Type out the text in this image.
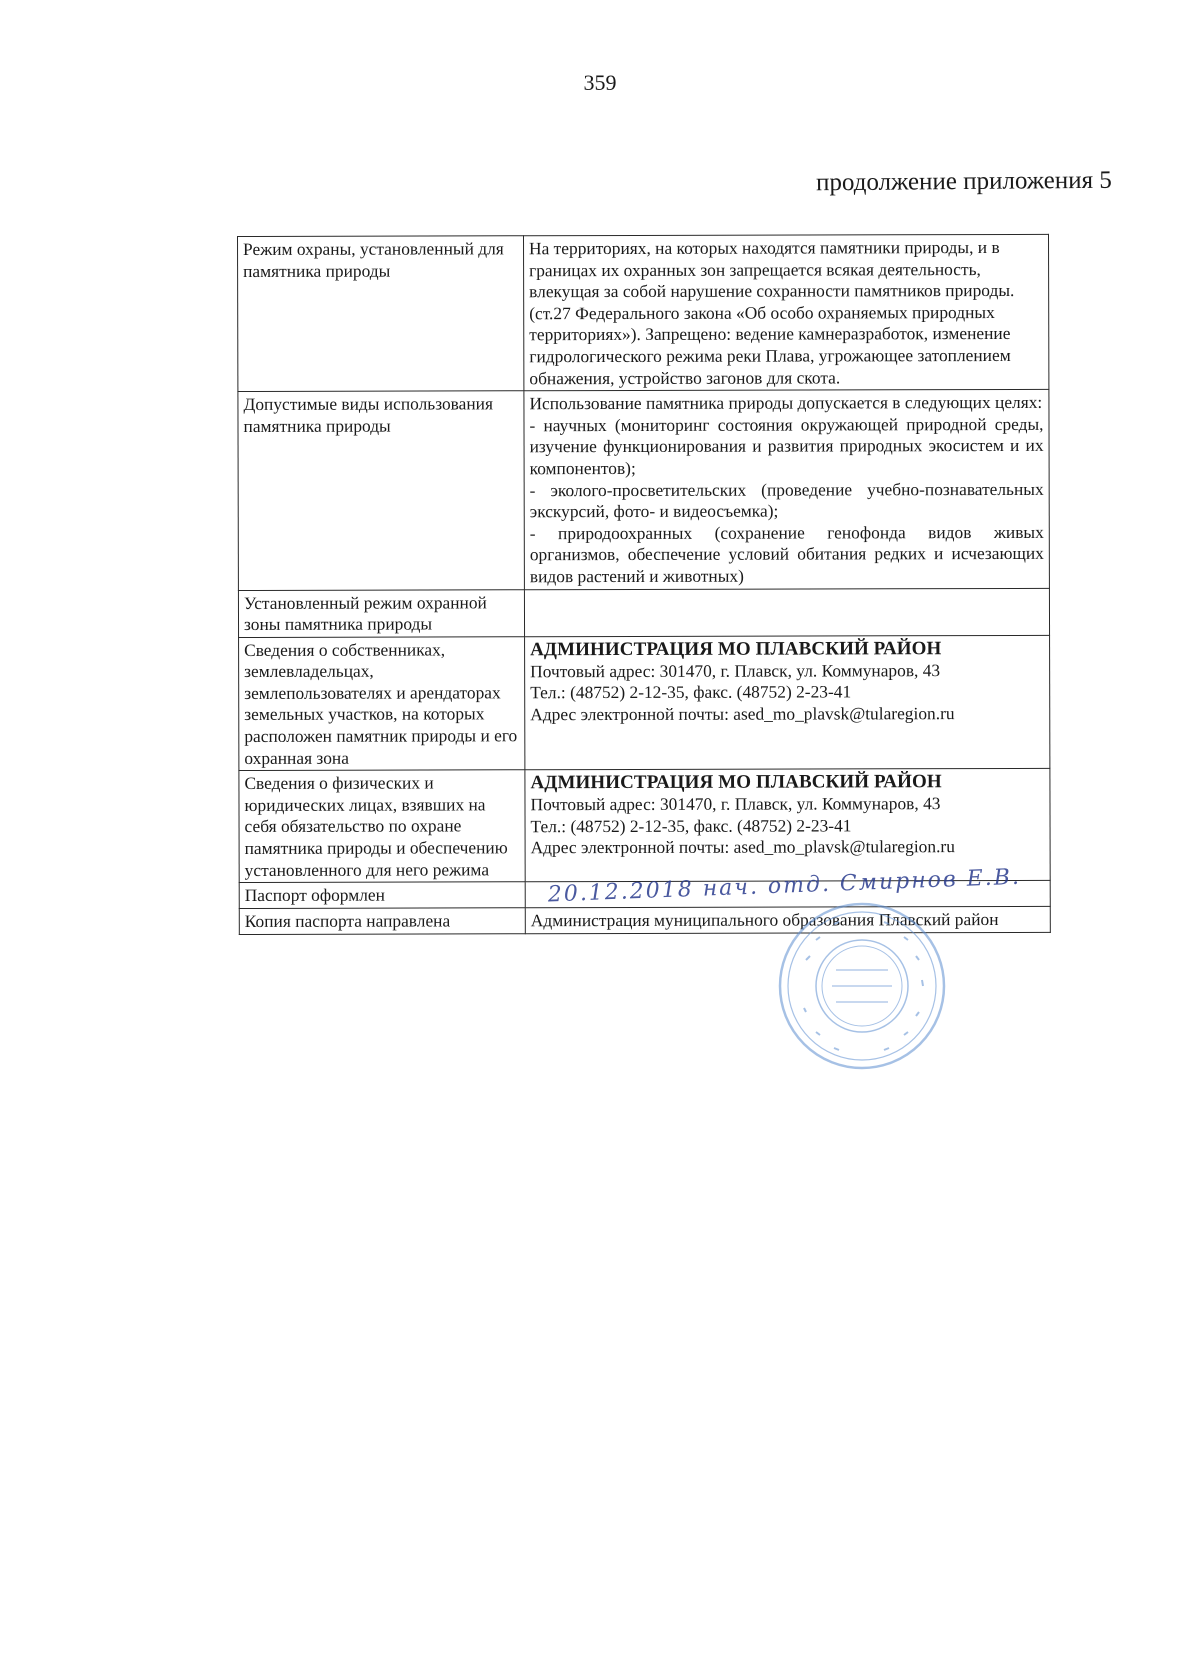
359
продолжение приложения 5
Режим охраны, установленный для памятника природы	На территориях, на которых находятся памятники природы, и в границах их охранных зон запрещается всякая деятельность, влекущая за собой нарушение сохранности памятников природы. (ст.27 Федерального закона «Об особо охраняемых природных территориях»). Запрещено: ведение камнеразработок, изменение гидрологического режима реки Плава, угрожающее затоплением обнажения, устройство загонов для скота.
Допустимые виды использования памятника природы	Использование памятника природы допускается в следующих целях:
- научных (мониторинг состояния окружающей природной среды, изучение функционирования и развития природных экосистем и их компонентов);
- эколого-просветительских (проведение учебно-познавательных экскурсий, фото- и видеосъемка);
- природоохранных (сохранение генофонда видов живых организмов, обеспечение условий обитания редких и исчезающих видов растений и животных)

Установленный режим охранной зоны памятника природы	
Сведения о собственниках, землевладельцах, землепользователях и арендаторах земельных участков, на которых расположен памятник природы и его охранная зона	АДМИНИСТРАЦИЯ МО ПЛАВСКИЙ РАЙОН
Почтовый адрес: 301470, г. Плавск, ул. Коммунаров, 43
Тел.: (48752) 2-12-35, факс. (48752) 2-23-41
Адрес электронной почты: ased_mo_plavsk@tularegion.ru

Сведения о физических и юридических лицах, взявших на себя обязательство по охране памятника природы и обеспечению установленного для него режима	АДМИНИСТРАЦИЯ МО ПЛАВСКИЙ РАЙОН
Почтовый адрес: 301470, г. Плавск, ул. Коммунаров, 43
Тел.: (48752) 2-12-35, факс. (48752) 2-23-41
Адрес электронной почты: ased_mo_plavsk@tularegion.ru

Паспорт оформлен	20.12.2018 нач. отд. Смирнов Е.В.

Копия паспорта направлена	Администрация муниципального образования Плавский район
